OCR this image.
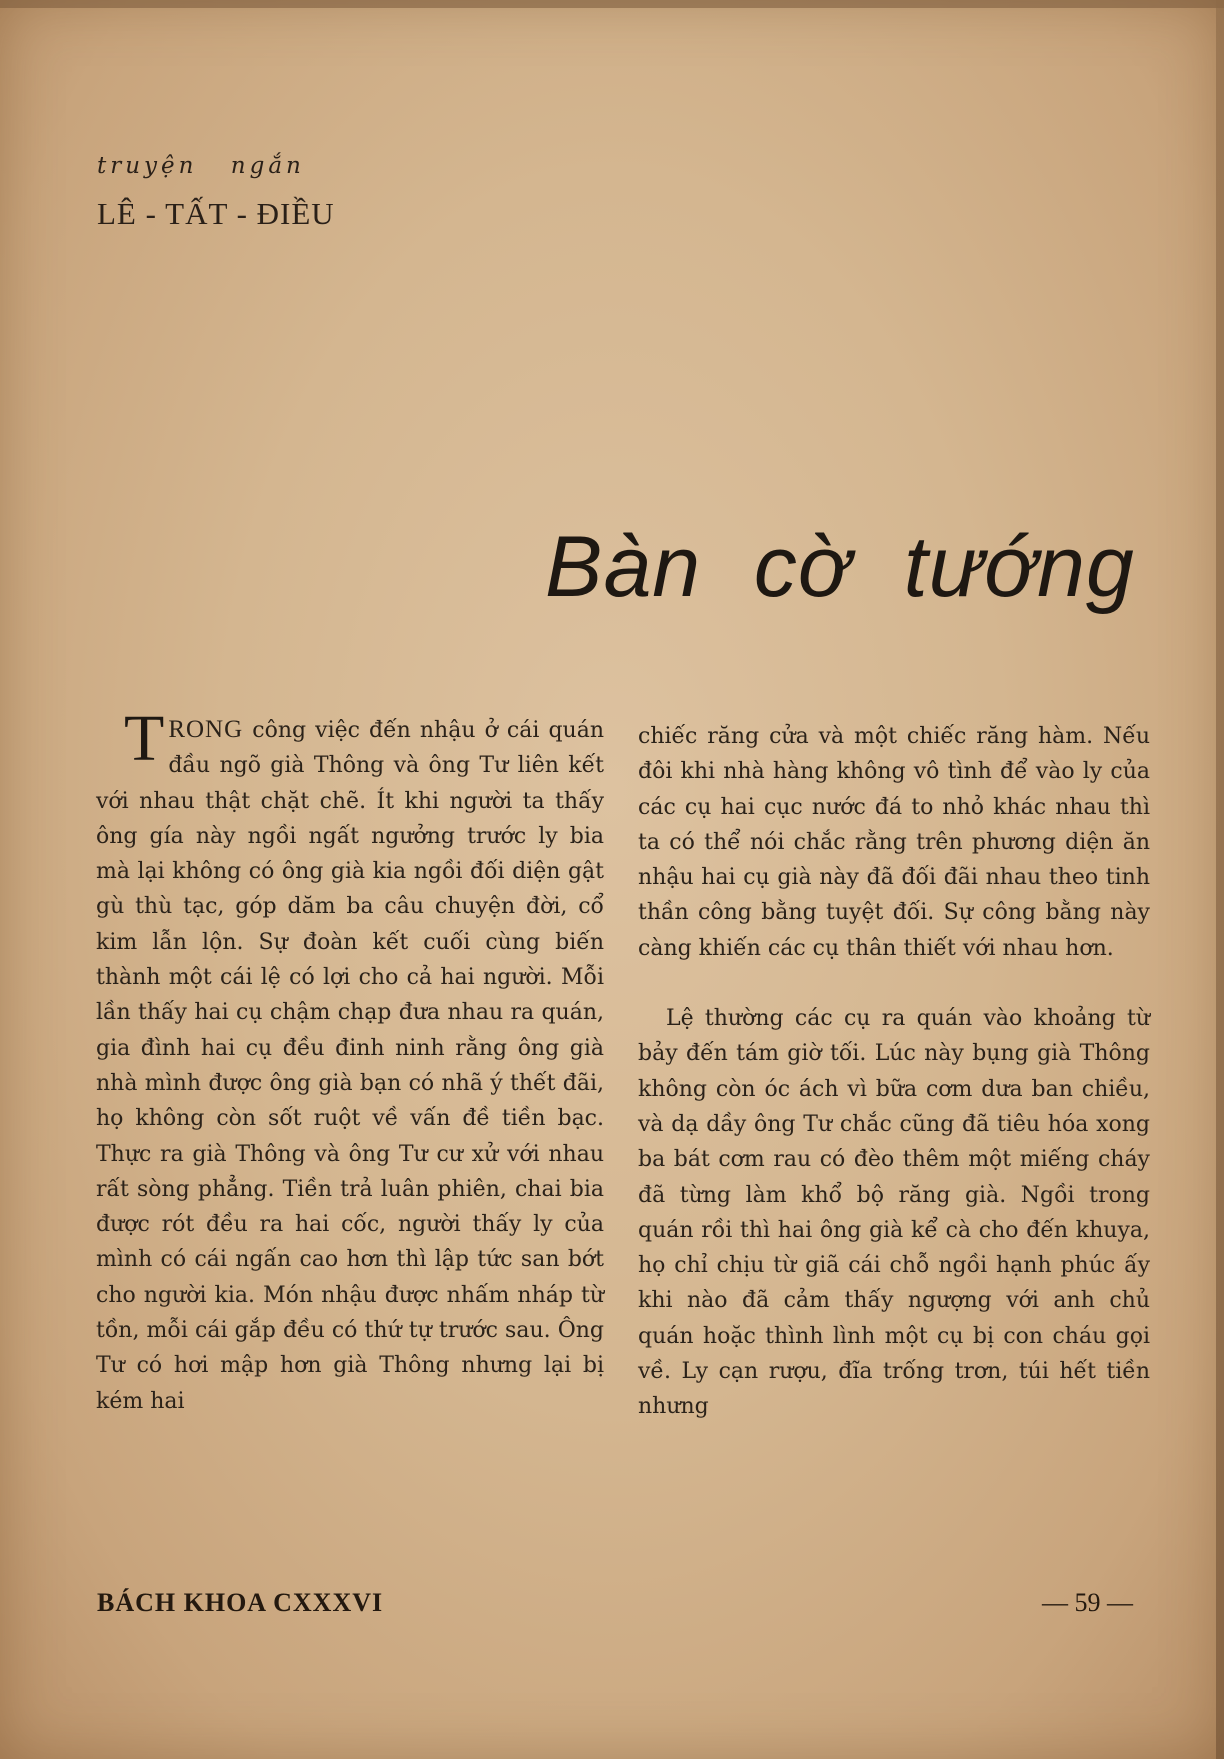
truyện ngắn
LÊ - TẤT - ĐIỀU
Bàn cờ tướng

TRONG công việc đến nhậu ở cái quán đầu ngõ già Thông và ông Tư liên kết với nhau thật chặt chẽ. Ít khi người ta thấy ông gía này ngồi ngất ngưởng trước ly bia mà lại không có ông già kia ngồi đối diện gật gù thù tạc, góp dăm ba câu chuyện đời, cổ kim lẫn lộn. Sự đoàn kết cuối cùng biến thành một cái lệ có lợi cho cả hai người. Mỗi lần thấy hai cụ chậm chạp đưa nhau ra quán, gia đình hai cụ đều đinh ninh rằng ông già nhà mình được ông già bạn có nhã ý thết đãi, họ không còn sốt ruột về vấn đề tiền bạc. Thực ra già Thông và ông Tư cư xử với nhau rất sòng phẳng. Tiền trả luân phiên, chai bia được rót đều ra hai cốc, người thấy ly của mình có cái ngấn cao hơn thì lập tức san bớt cho người kia. Món nhậu được nhấm nháp từ tồn, mỗi cái gắp đều có thứ tự trước sau. Ông Tư có hơi mập hơn già Thông nhưng lại bị kém hai

chiếc răng cửa và một chiếc răng hàm. Nếu đôi khi nhà hàng không vô tình để vào ly của các cụ hai cục nước đá to nhỏ khác nhau thì ta có thể nói chắc rằng trên phương diện ăn nhậu hai cụ già này đã đối đãi nhau theo tinh thần công bằng tuyệt đối. Sự công bằng này càng khiến các cụ thân thiết với nhau hơn.

Lệ thường các cụ ra quán vào khoảng từ bảy đến tám giờ tối. Lúc này bụng già Thông không còn óc ách vì bữa cơm dưa ban chiều, và dạ dầy ông Tư chắc cũng đã tiêu hóa xong ba bát cơm rau có đèo thêm một miếng cháy đã từng làm khổ bộ răng già. Ngồi trong quán rồi thì hai ông già kể cà cho đến khuya, họ chỉ chịu từ giã cái chỗ ngồi hạnh phúc ấy khi nào đã cảm thấy ngượng với anh chủ quán hoặc thình lình một cụ bị con cháu gọi về. Ly cạn rượu, đĩa trống trơn, túi hết tiền nhưng

BÁCH KHOA CXXXVI	— 59 —
